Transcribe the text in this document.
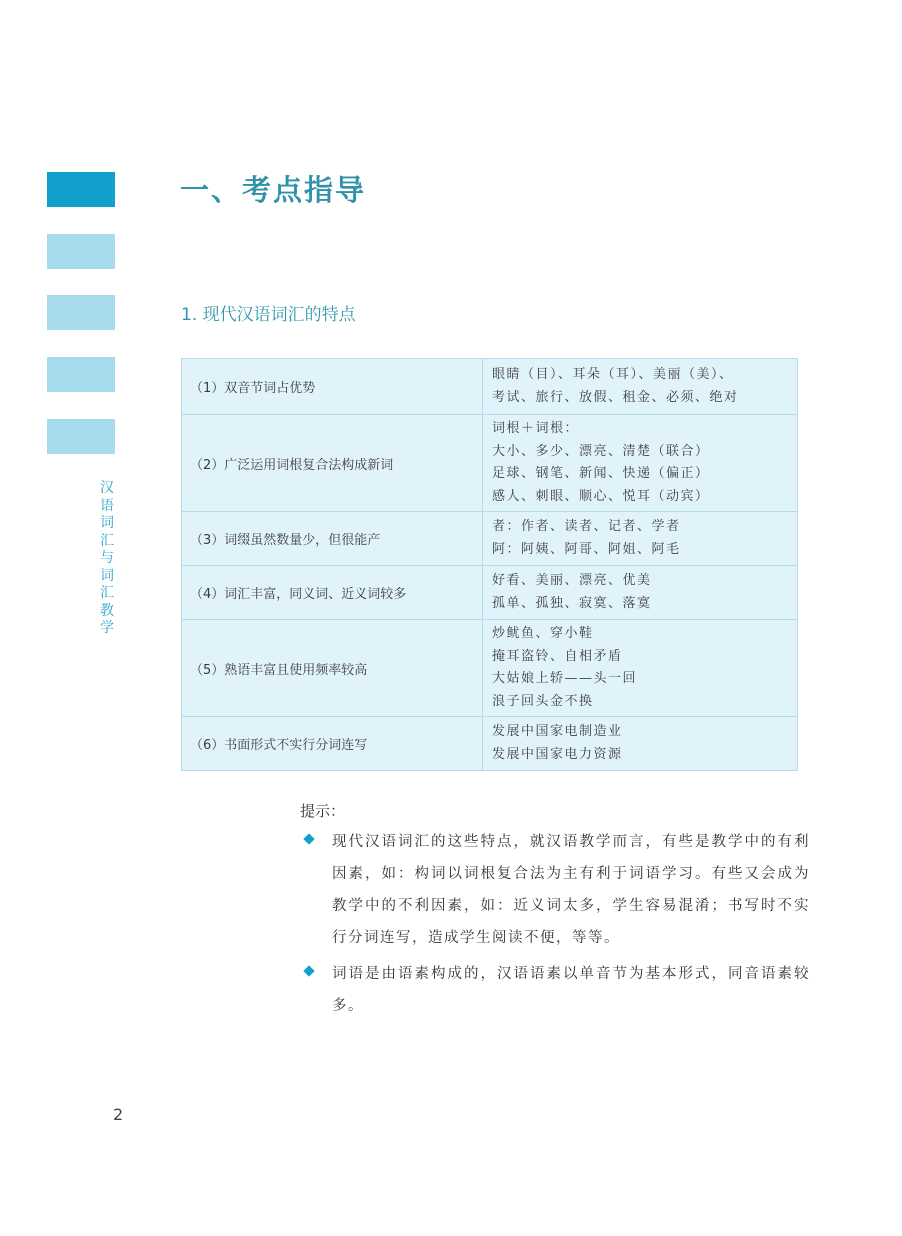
汉语词汇与词汇教学
一、考点指导
1. 现代汉语词汇的特点
（1）双音节词占优势	眼睛（目）、耳朵（耳）、美丽（美）、
考试、旅行、放假、租金、必须、绝对

（2）广泛运用词根复合法构成新词	词根＋词根：
大小、多少、漂亮、清楚（联合）
足球、钢笔、新闻、快递（偏正）
感人、刺眼、顺心、悦耳（动宾）

（3）词缀虽然数量少，但很能产	者：作者、读者、记者、学者
阿：阿姨、阿哥、阿姐、阿毛

（4）词汇丰富，同义词、近义词较多	好看、美丽、漂亮、优美
孤单、孤独、寂寞、落寞

（5）熟语丰富且使用频率较高	炒鱿鱼、穿小鞋
掩耳盗铃、自相矛盾
大姑娘上轿——头一回
浪子回头金不换

（6）书面形式不实行分词连写	发展中国家电制造业
发展中国家电力资源
提示：
现代汉语词汇的这些特点，就汉语教学而言，有些是教学中的有利因素，如：构词以词根复合法为主有利于词语学习。有些又会成为教学中的不利因素，如：近义词太多，学生容易混淆；书写时不实行分词连写，造成学生阅读不便，等等。
词语是由语素构成的，汉语语素以单音节为基本形式，同音语素较多。
2
